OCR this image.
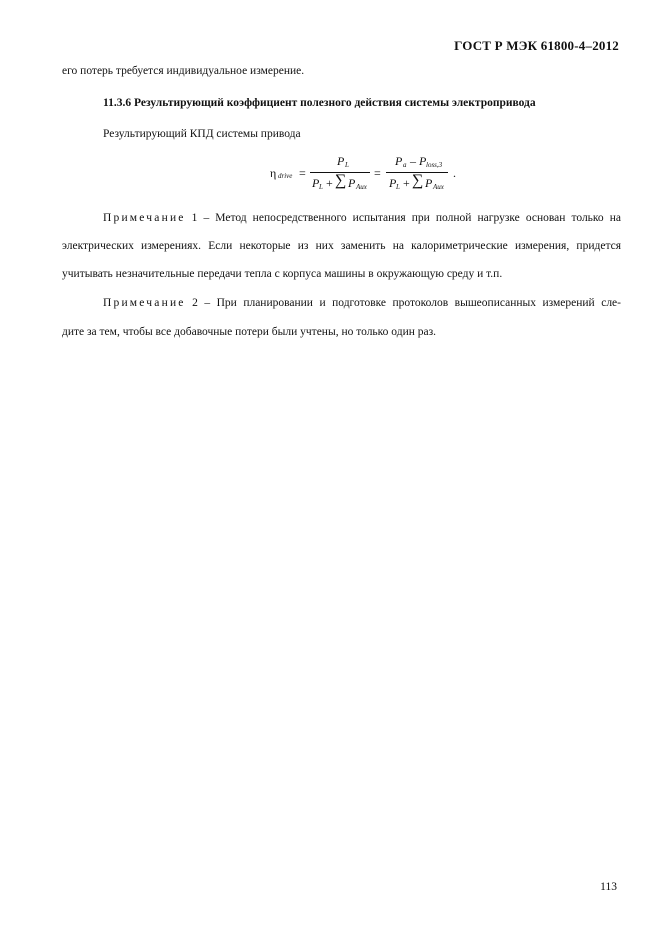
ГОСТ Р МЭК 61800-4–2012
его потерь требуется индивидуальное измерение.
11.3.6 Результирующий коэффициент полезного действия системы электропривода
Результирующий КПД системы привода
η drive =
P L
P L + ∑ P Aux
=
P a – P loss,3
P L + ∑ P Aux
.
Примечание 1 – Метод непосредственного испытания при полной нагрузке основан только на
электрических измерениях. Если некоторые из них заменить на калориметрические измерения, придется
учитывать незначительные передачи тепла с корпуса машины в окружающую среду и т.п.
Примечание 2 – При планировании и подготовке протоколов вышеописанных измерений сле-
дите за тем, чтобы все добавочные потери были учтены, но только один раз.
113
